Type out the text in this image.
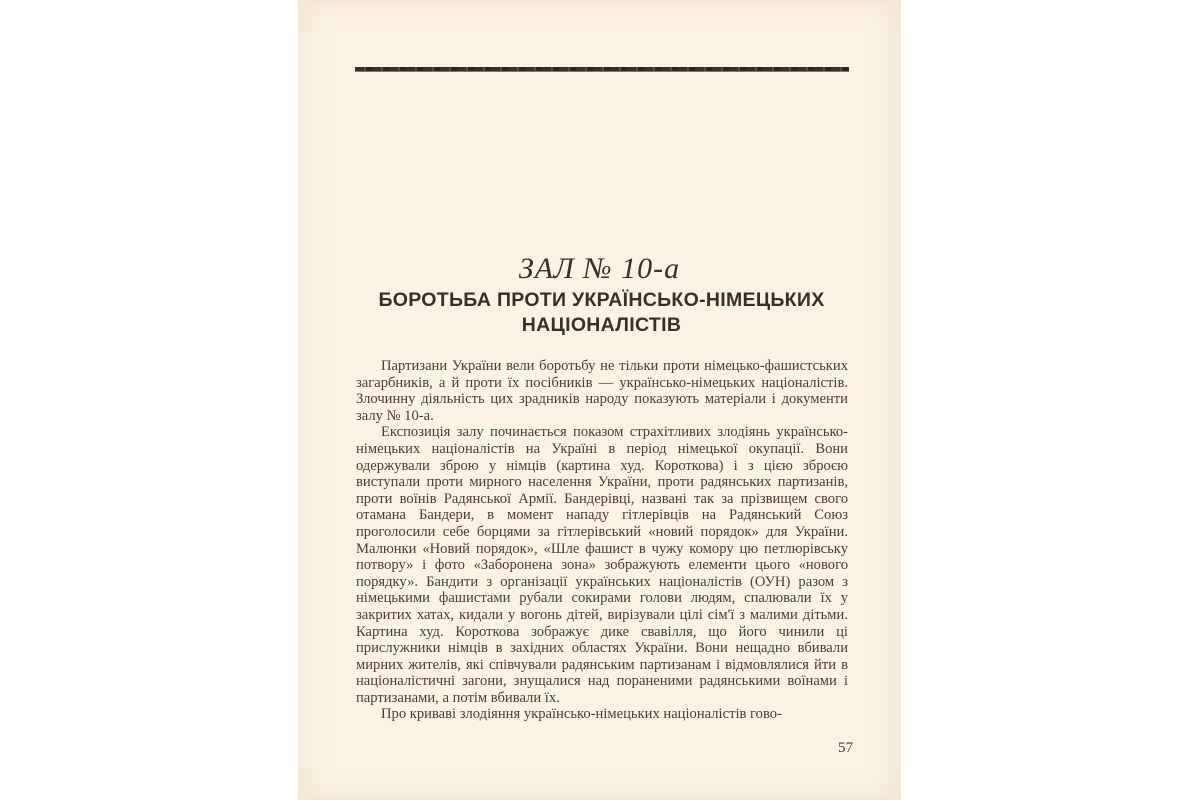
ЗАЛ № 10-а
БОРОТЬБА ПРОТИ УКРАЇНСЬКО-НІМЕЦЬКИХ НАЦІОНАЛІСТІВ

Партизани України вели боротьбу не тільки проти німецько-фашистських загарбників, а й проти їх посібників — українсько-німецьких націоналістів. Злочинну діяльність цих зрадників народу показують матеріали і документи залу № 10-а.

Експозиція залу починається показом страхітливих злодіянь українсько-німецьких націоналістів на Україні в період німецької окупації. Вони одержували зброю у німців (картина худ. Короткова) і з цією зброєю виступали проти мирного населення України, проти радянських партизанів, проти воїнів Радянської Армії. Бандерівці, названі так за прізвищем свого отамана Бандери, в момент нападу гітлерівців на Радянський Союз проголосили себе борцями за гітлерівський «новий порядок» для України. Малюнки «Новий порядок», «Шле фашист в чужу комору цю петлюрівську потвору» і фото «Заборонена зона» зображують елементи цього «нового порядку». Бандити з організації українських націоналістів (ОУН) разом з німецькими фашистами рубали сокирами голови людям, спалювали їх у закритих хатах, кидали у вогонь дітей, вирізували цілі сім'ї з малими дітьми. Картина худ. Короткова зображує дике свавілля, що його чинили ці прислужники німців в західних областях України. Вони нещадно вбивали мирних жителів, які співчували радянським партизанам і відмовлялися йти в націоналістичні загони, знущалися над пораненими радянськими воїнами і партизанами, а потім вбивали їх.

Про криваві злодіяння українсько-німецьких націоналістів гово-

57
